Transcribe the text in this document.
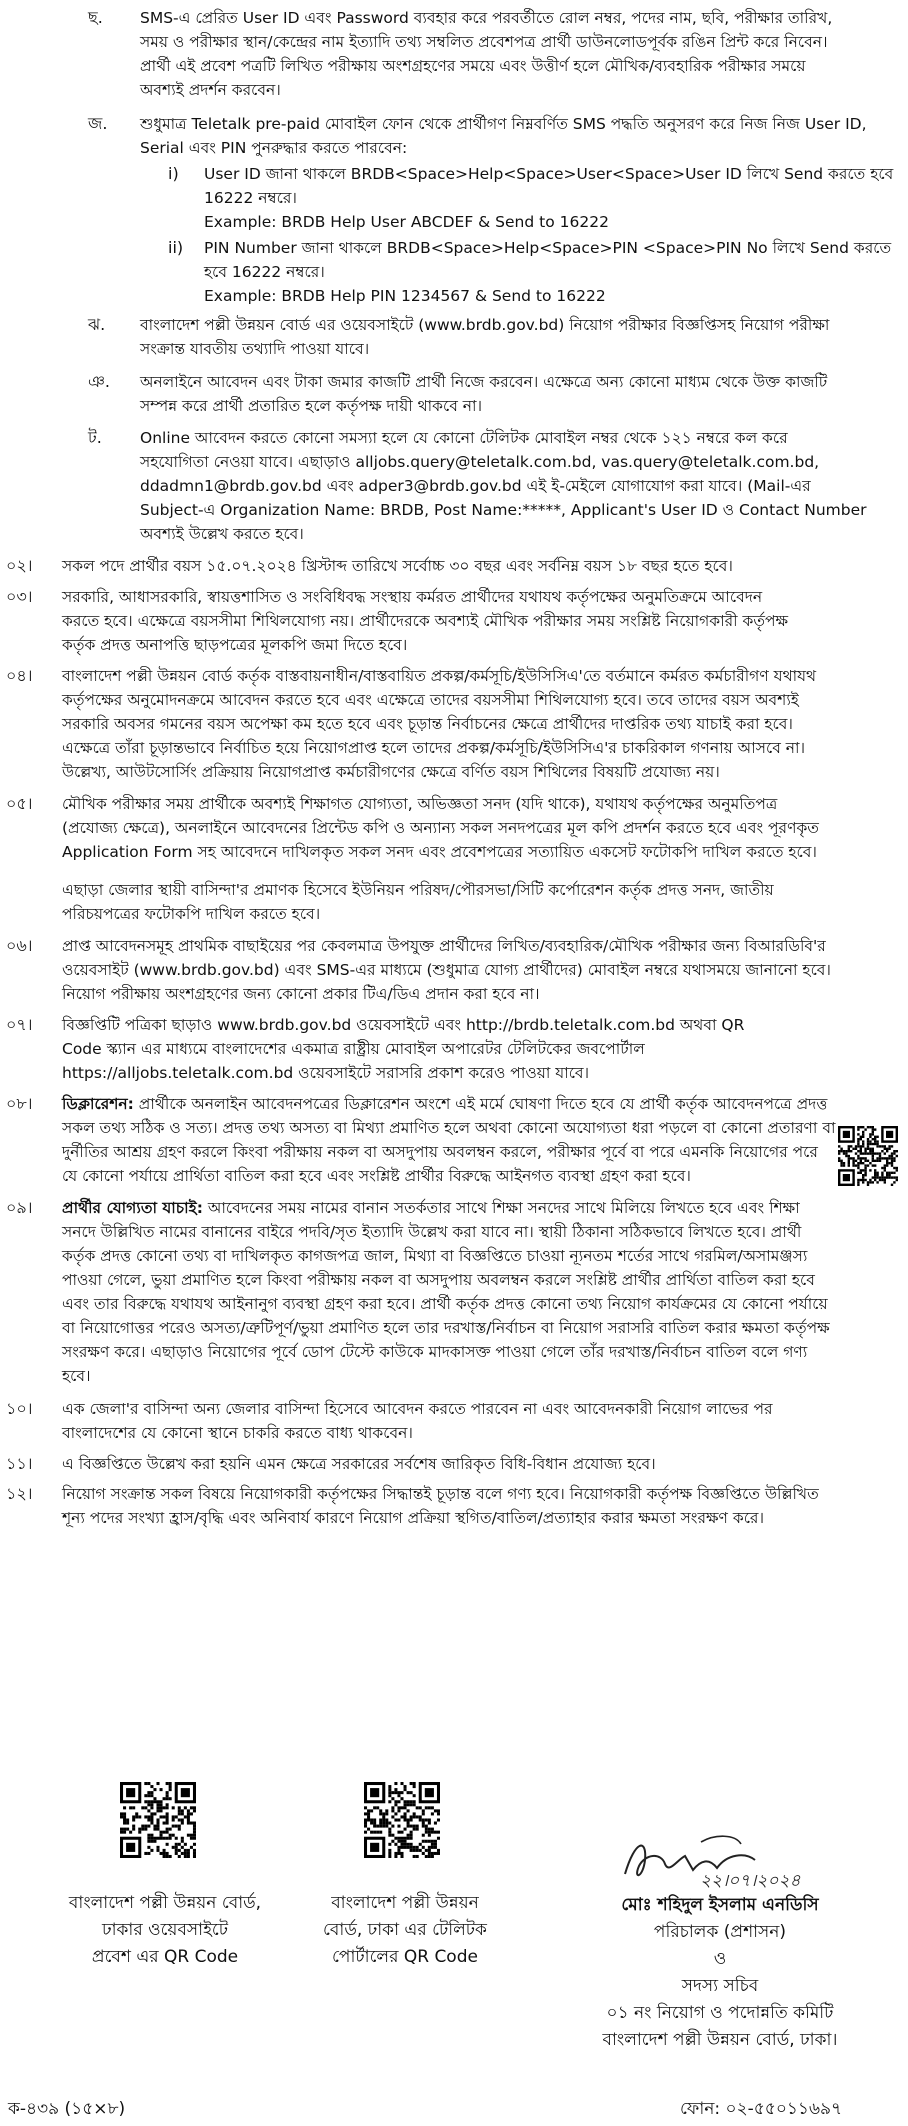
ছ. SMS-এ প্রেরিত User ID এবং Password ব্যবহার করে পরবর্তীতে রোল নম্বর, পদের নাম, ছবি, পরীক্ষার তারিখ,
সময় ও পরীক্ষার স্থান/কেন্দ্রের নাম ইত্যাদি তথ্য সম্বলিত প্রবেশপত্র প্রার্থী ডাউনলোডপূর্বক রঙিন প্রিন্ট করে নিবেন।
প্রার্থী এই প্রবেশ পত্রটি লিখিত পরীক্ষায় অংশগ্রহণের সময়ে এবং উত্তীর্ণ হলে মৌখিক/ব্যবহারিক পরীক্ষার সময়ে
অবশ্যই প্রদর্শন করবেন।
জ. শুধুমাত্র Teletalk pre-paid মোবাইল ফোন থেকে প্রার্থীগণ নিম্নবর্ণিত SMS পদ্ধতি অনুসরণ করে নিজ নিজ User ID,
Serial এবং PIN পুনরুদ্ধার করতে পারবেন:
i) User ID জানা থাকলে BRDB<Space>Help<Space>User<Space>User ID লিখে Send করতে হবে
16222 নম্বরে।
Example: BRDB Help User ABCDEF & Send to 16222
ii) PIN Number জানা থাকলে BRDB<Space>Help<Space>PIN <Space>PIN No লিখে Send করতে
হবে 16222 নম্বরে।
Example: BRDB Help PIN 1234567 & Send to 16222
ঝ. বাংলাদেশ পল্লী উন্নয়ন বোর্ড এর ওয়েবসাইটে (www.brdb.gov.bd) নিয়োগ পরীক্ষার বিজ্ঞপ্তিসহ নিয়োগ পরীক্ষা
সংক্রান্ত যাবতীয় তথ্যাদি পাওয়া যাবে।
ঞ. অনলাইনে আবেদন এবং টাকা জমার কাজটি প্রার্থী নিজে করবেন। এক্ষেত্রে অন্য কোনো মাধ্যম থেকে উক্ত কাজটি
সম্পন্ন করে প্রার্থী প্রতারিত হলে কর্তৃপক্ষ দায়ী থাকবে না।
ট. Online আবেদন করতে কোনো সমস্যা হলে যে কোনো টেলিটক মোবাইল নম্বর থেকে ১২১ নম্বরে কল করে
সহযোগিতা নেওয়া যাবে। এছাড়াও alljobs.query@teletalk.com.bd, vas.query@teletalk.com.bd,
ddadmn1@brdb.gov.bd এবং adper3@brdb.gov.bd এই ই-মেইলে যোগাযোগ করা যাবে। (Mail-এর
Subject-এ Organization Name: BRDB, Post Name:*****, Applicant's User ID ও Contact Number
অবশ্যই উল্লেখ করতে হবে।
০২। সকল পদে প্রার্থীর বয়স ১৫.০৭.২০২৪ খ্রিস্টাব্দ তারিখে সর্বোচ্চ ৩০ বছর এবং সর্বনিম্ন বয়স ১৮ বছর হতে হবে।
০৩। সরকারি, আধাসরকারি, স্বায়ত্তশাসিত ও সংবিধিবদ্ধ সংস্থায় কর্মরত প্রার্থীদের যথাযথ কর্তৃপক্ষের অনুমতিক্রমে আবেদন
করতে হবে। এক্ষেত্রে বয়সসীমা শিথিলযোগ্য নয়। প্রার্থীদেরকে অবশ্যই মৌখিক পরীক্ষার সময় সংশ্লিষ্ট নিয়োগকারী কর্তৃপক্ষ
কর্তৃক প্রদত্ত অনাপত্তি ছাড়পত্রের মূলকপি জমা দিতে হবে।
০৪। বাংলাদেশ পল্লী উন্নয়ন বোর্ড কর্তৃক বাস্তবায়নাধীন/বাস্তবায়িত প্রকল্প/কর্মসূচি/ইউসিসিএ'তে বর্তমানে কর্মরত কর্মচারীগণ যথাযথ
কর্তৃপক্ষের অনুমোদনক্রমে আবেদন করতে হবে এবং এক্ষেত্রে তাদের বয়সসীমা শিথিলযোগ্য হবে। তবে তাদের বয়স অবশ্যই
সরকারি অবসর গমনের বয়স অপেক্ষা কম হতে হবে এবং চূড়ান্ত নির্বাচনের ক্ষেত্রে প্রার্থীদের দাপ্তরিক তথ্য যাচাই করা হবে।
এক্ষেত্রে তাঁরা চূড়ান্তভাবে নির্বাচিত হয়ে নিয়োগপ্রাপ্ত হলে তাদের প্রকল্প/কর্মসূচি/ইউসিসিএ'র চাকরিকাল গণনায় আসবে না।
উল্লেখ্য, আউটসোর্সিং প্রক্রিয়ায় নিয়োগপ্রাপ্ত কর্মচারীগণের ক্ষেত্রে বর্ণিত বয়স শিথিলের বিষয়টি প্রযোজ্য নয়।
০৫। মৌখিক পরীক্ষার সময় প্রার্থীকে অবশ্যই শিক্ষাগত যোগ্যতা, অভিজ্ঞতা সনদ (যদি থাকে), যথাযথ কর্তৃপক্ষের অনুমতিপত্র
(প্রযোজ্য ক্ষেত্রে), অনলাইনে আবেদনের প্রিন্টেড কপি ও অন্যান্য সকল সনদপত্রের মূল কপি প্রদর্শন করতে হবে এবং পূরণকৃত
Application Form সহ আবেদনে দাখিলকৃত সকল সনদ এবং প্রবেশপত্রের সত্যায়িত একসেট ফটোকপি দাখিল করতে হবে।
এছাড়া জেলার স্থায়ী বাসিন্দা'র প্রমাণক হিসেবে ইউনিয়ন পরিষদ/পৌরসভা/সিটি কর্পোরেশন কর্তৃক প্রদত্ত সনদ, জাতীয়
পরিচয়পত্রের ফটোকপি দাখিল করতে হবে।
০৬। প্রাপ্ত আবেদনসমূহ প্রাথমিক বাছাইয়ের পর কেবলমাত্র উপযুক্ত প্রার্থীদের লিখিত/ব্যবহারিক/মৌখিক পরীক্ষার জন্য বিআরডিবি'র
ওয়েবসাইট (www.brdb.gov.bd) এবং SMS-এর মাধ্যমে (শুধুমাত্র যোগ্য প্রার্থীদের) মোবাইল নম্বরে যথাসময়ে জানানো হবে।
নিয়োগ পরীক্ষায় অংশগ্রহণের জন্য কোনো প্রকার টিএ/ডিএ প্রদান করা হবে না।
০৭। বিজ্ঞপ্তিটি পত্রিকা ছাড়াও www.brdb.gov.bd ওয়েবসাইটে এবং http://brdb.teletalk.com.bd অথবা QR
Code স্ক্যান এর মাধ্যমে বাংলাদেশের একমাত্র রাষ্ট্রীয় মোবাইল অপারেটর টেলিটকের জবপোর্টাল
https://alljobs.teletalk.com.bd ওয়েবসাইটে সরাসরি প্রকাশ করেও পাওয়া যাবে।
০৮। ডিক্লারেশন: প্রার্থীকে অনলাইন আবেদনপত্রের ডিক্লারেশন অংশে এই মর্মে ঘোষণা দিতে হবে যে প্রার্থী কর্তৃক আবেদনপত্রে প্রদত্ত
সকল তথ্য সঠিক ও সত্য। প্রদত্ত তথ্য অসত্য বা মিথ্যা প্রমাণিত হলে অথবা কোনো অযোগ্যতা ধরা পড়লে বা কোনো প্রতারণা বা
দুর্নীতির আশ্রয় গ্রহণ করলে কিংবা পরীক্ষায় নকল বা অসদুপায় অবলম্বন করলে, পরীক্ষার পূর্বে বা পরে এমনকি নিয়োগের পরে
যে কোনো পর্যায়ে প্রার্থিতা বাতিল করা হবে এবং সংশ্লিষ্ট প্রার্থীর বিরুদ্ধে আইনগত ব্যবস্থা গ্রহণ করা হবে।
০৯। প্রার্থীর যোগ্যতা যাচাই: আবেদনের সময় নামের বানান সতর্কতার সাথে শিক্ষা সনদের সাথে মিলিয়ে লিখতে হবে এবং শিক্ষা
সনদে উল্লিখিত নামের বানানের বাইরে পদবি/সৃত ইত্যাদি উল্লেখ করা যাবে না। স্থায়ী ঠিকানা সঠিকভাবে লিখতে হবে। প্রার্থী
কর্তৃক প্রদত্ত কোনো তথ্য বা দাখিলকৃত কাগজপত্র জাল, মিথ্যা বা বিজ্ঞপ্তিতে চাওয়া ন্যূনতম শর্তের সাথে গরমিল/অসামঞ্জস্য
পাওয়া গেলে, ভুয়া প্রমাণিত হলে কিংবা পরীক্ষায় নকল বা অসদুপায় অবলম্বন করলে সংশ্লিষ্ট প্রার্থীর প্রার্থিতা বাতিল করা হবে
এবং তার বিরুদ্ধে যথাযথ আইনানুগ ব্যবস্থা গ্রহণ করা হবে। প্রার্থী কর্তৃক প্রদত্ত কোনো তথ্য নিয়োগ কার্যক্রমের যে কোনো পর্যায়ে
বা নিয়োগোত্তর পরেও অসত্য/ত্রুটিপূর্ণ/ভুয়া প্রমাণিত হলে তার দরখাস্ত/নির্বাচন বা নিয়োগ সরাসরি বাতিল করার ক্ষমতা কর্তৃপক্ষ
সংরক্ষণ করে। এছাড়াও নিয়োগের পূর্বে ডোপ টেস্টে কাউকে মাদকাসক্ত পাওয়া গেলে তাঁর দরখাস্ত/নির্বাচন বাতিল বলে গণ্য
হবে।
১০। এক জেলা'র বাসিন্দা অন্য জেলার বাসিন্দা হিসেবে আবেদন করতে পারবেন না এবং আবেদনকারী নিয়োগ লাভের পর
বাংলাদেশের যে কোনো স্থানে চাকরি করতে বাধ্য থাকবেন।
১১। এ বিজ্ঞপ্তিতে উল্লেখ করা হয়নি এমন ক্ষেত্রে সরকারের সর্বশেষ জারিকৃত বিধি-বিধান প্রযোজ্য হবে।
১২। নিয়োগ সংক্রান্ত সকল বিষয়ে নিয়োগকারী কর্তৃপক্ষের সিদ্ধান্তই চূড়ান্ত বলে গণ্য হবে। নিয়োগকারী কর্তৃপক্ষ বিজ্ঞপ্তিতে উল্লিখিত
শূন্য পদের সংখ্যা হ্রাস/বৃদ্ধি এবং অনিবার্য কারণে নিয়োগ প্রক্রিয়া স্থগিত/বাতিল/প্রত্যাহার করার ক্ষমতা সংরক্ষণ করে।
বাংলাদেশ পল্লী উন্নয়ন বোর্ড,
ঢাকার ওয়েবসাইটে
প্রবেশ এর QR Code
বাংলাদেশ পল্লী উন্নয়ন
বোর্ড, ঢাকা এর টেলিটক
পোর্টালের QR Code
২২।০৭।২০২৪
মোঃ শহিদুল ইসলাম এনডিসি
পরিচালক (প্রশাসন)
ও
সদস্য সচিব
০১ নং নিয়োগ ও পদোন্নতি কমিটি
বাংলাদেশ পল্লী উন্নয়ন বোর্ড, ঢাকা।
ক-৪৩৯ (১৫×৮)	ফোন: ০২-৫৫০১১৬৯৭
